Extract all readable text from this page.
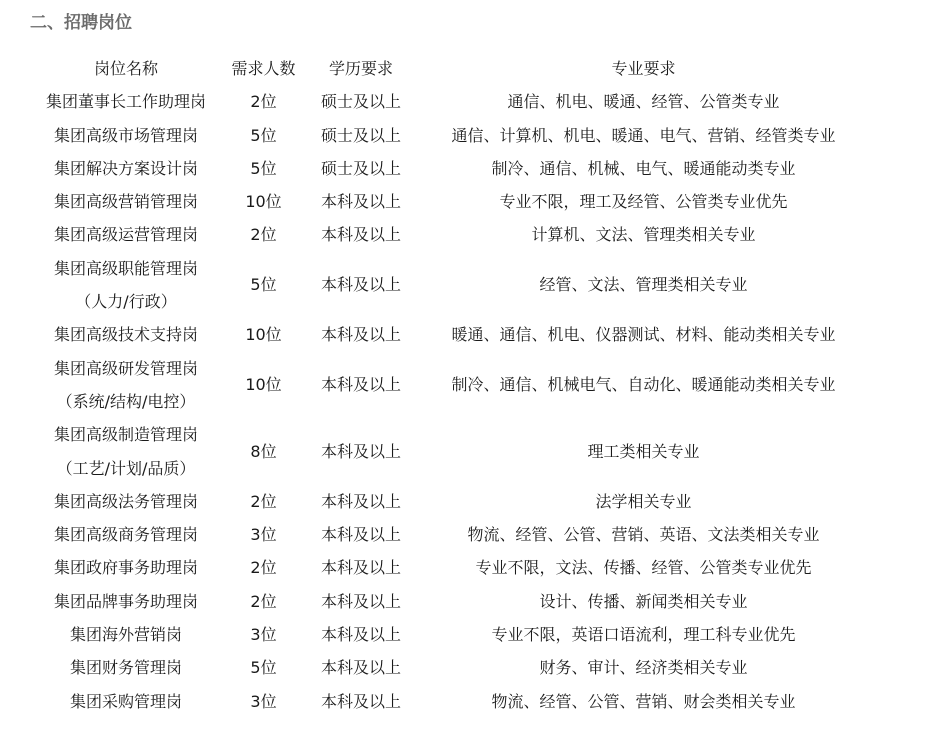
二、招聘岗位
岗位名称	需求人数	学历要求	专业要求

集团董事长工作助理岗	2位	硕士及以上	通信、机电、暖通、经管、公管类专业

集团高级市场管理岗	5位	硕士及以上	通信、计算机、机电、暖通、电气、营销、经管类专业

集团解决方案设计岗	5位	硕士及以上	制冷、通信、机械、电气、暖通能动类专业

集团高级营销管理岗	10位	本科及以上	专业不限，理工及经管、公管类专业优先

集团高级运营管理岗	2位	本科及以上	计算机、文法、管理类相关专业

集团高级职能管理岗
（人力/行政）	5位	本科及以上	经管、文法、管理类相关专业

集团高级技术支持岗	10位	本科及以上	暖通、通信、机电、仪器测试、材料、能动类相关专业

集团高级研发管理岗
（系统/结构/电控）	10位	本科及以上	制冷、通信、机械电气、自动化、暖通能动类相关专业

集团高级制造管理岗
（工艺/计划/品质）	8位	本科及以上	理工类相关专业

集团高级法务管理岗	2位	本科及以上	法学相关专业

集团高级商务管理岗	3位	本科及以上	物流、经管、公管、营销、英语、文法类相关专业

集团政府事务助理岗	2位	本科及以上	专业不限，文法、传播、经管、公管类专业优先

集团品牌事务助理岗	2位	本科及以上	设计、传播、新闻类相关专业

集团海外营销岗	3位	本科及以上	专业不限，英语口语流利，理工科专业优先

集团财务管理岗	5位	本科及以上	财务、审计、经济类相关专业

集团采购管理岗	3位	本科及以上	物流、经管、公管、营销、财会类相关专业
